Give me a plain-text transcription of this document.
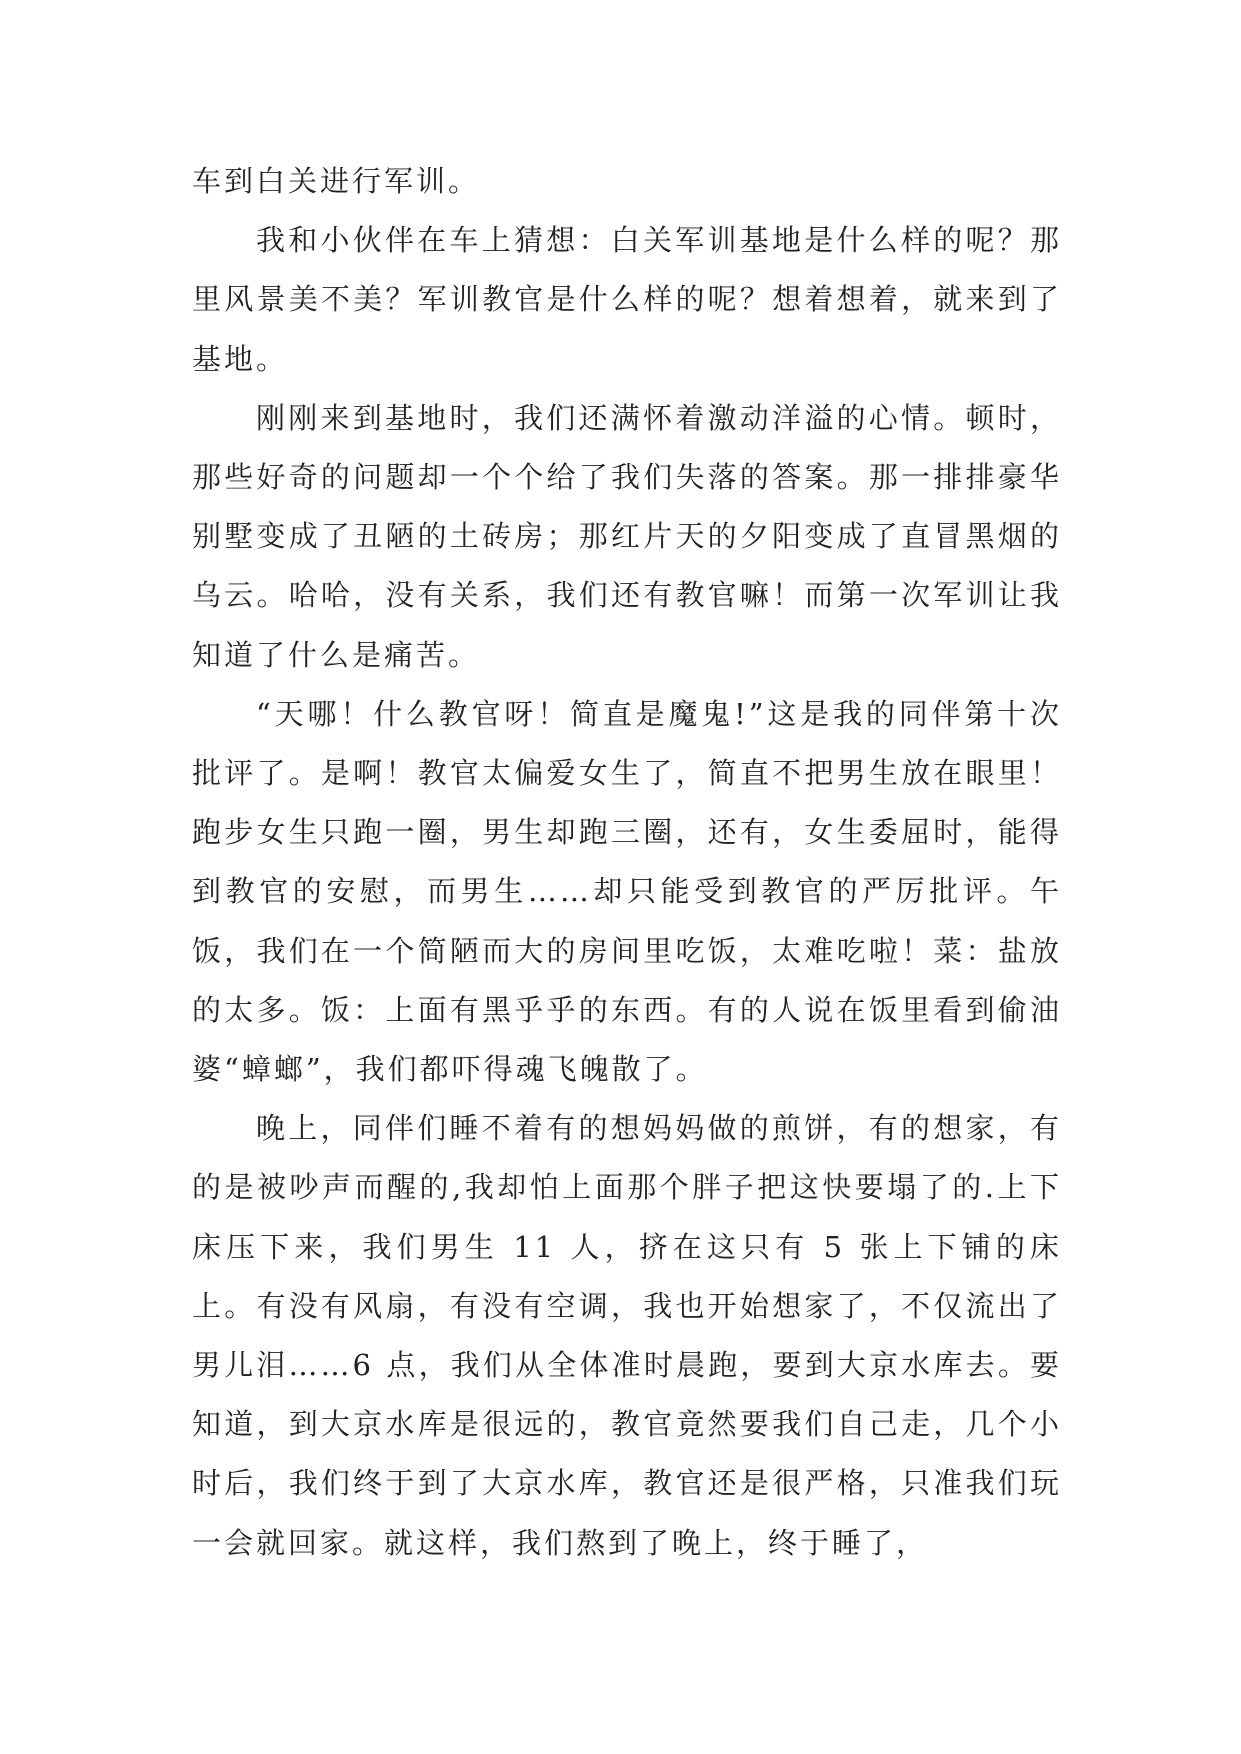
车到白关进行军训。

我和小伙伴在车上猜想：白关军训基地是什么样的呢？那里风景美不美？军训教官是什么样的呢？想着想着，就来到了基地。

刚刚来到基地时，我们还满怀着激动洋溢的心情。顿时，那些好奇的问题却一个个给了我们失落的答案。那一排排豪华别墅变成了丑陋的土砖房；那红片天的夕阳变成了直冒黑烟的乌云。哈哈，没有关系，我们还有教官嘛！而第一次军训让我知道了什么是痛苦。

“天哪！什么教官呀！简直是魔鬼!”这是我的同伴第十次批评了。是啊！教官太偏爱女生了，简直不把男生放在眼里！跑步女生只跑一圈，男生却跑三圈，还有，女生委屈时，能得到教官的安慰，而男生……却只能受到教官的严厉批评。午饭，我们在一个简陋而大的房间里吃饭，太难吃啦！菜：盐放的太多。饭：上面有黑乎乎的东西。有的人说在饭里看到偷油婆“蟑螂”，我们都吓得魂飞魄散了。

晚上，同伴们睡不着有的想妈妈做的煎饼，有的想家，有的是被吵声而醒的,我却怕上面那个胖子把这快要塌了的.上下床压下来，我们男生 11 人，挤在这只有 5 张上下铺的床上。有没有风扇，有没有空调，我也开始想家了，不仅流出了男儿泪……6 点，我们从全体准时晨跑，要到大京水库去。要知道，到大京水库是很远的，教官竟然要我们自己走，几个小时后，我们终于到了大京水库，教官还是很严格，只准我们玩一会就回家。就这样，我们熬到了晚上，终于睡了，
